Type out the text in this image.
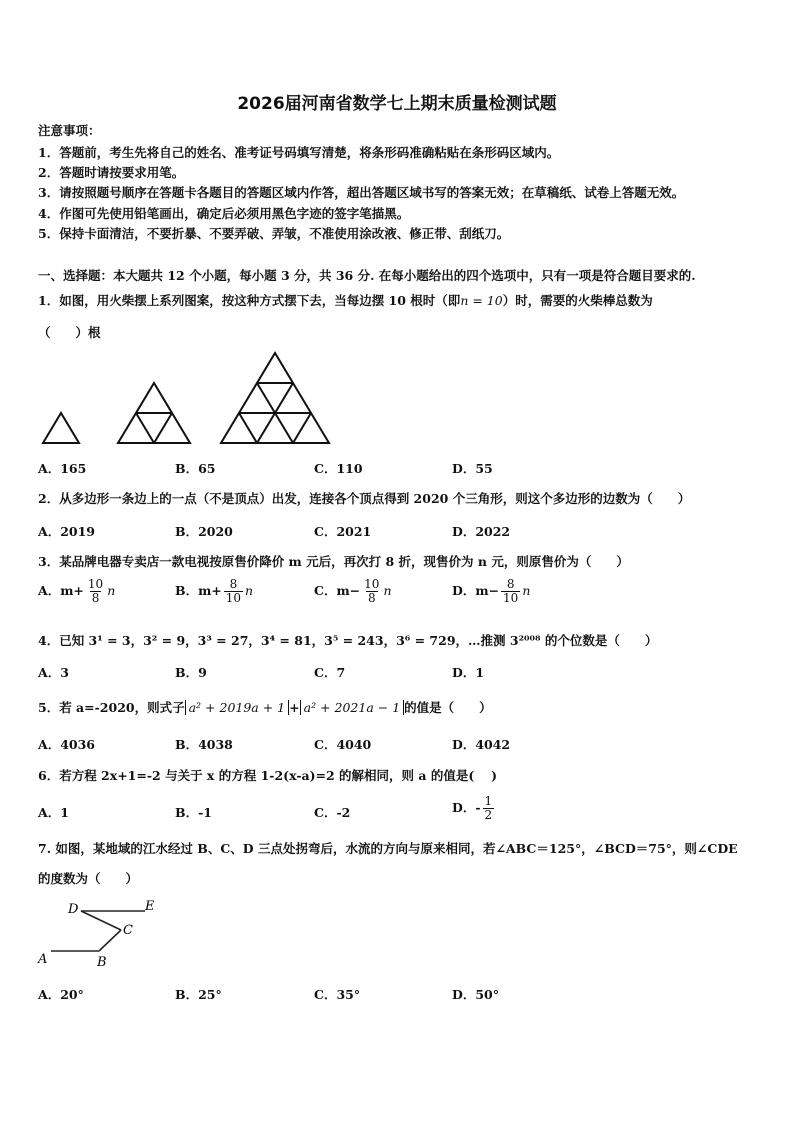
2026届河南省数学七上期末质量检测试题
注意事项：
1．答题前，考生先将自己的姓名、准考证号码填写清楚，将条形码准确粘贴在条形码区域内。
2．答题时请按要求用笔。
3．请按照题号顺序在答题卡各题目的答题区域内作答，超出答题区域书写的答案无效；在草稿纸、试卷上答题无效。
4．作图可先使用铅笔画出，确定后必须用黑色字迹的签字笔描黑。
5．保持卡面清洁，不要折暴、不要弄破、弄皱，不准使用涂改液、修正带、刮纸刀。
一、选择题：本大题共 12 个小题，每小题 3 分，共 36 分. 在每小题给出的四个选项中，只有一项是符合题目要求的.
1．如图，用火柴摆上系列图案，按这种方式摆下去，当每边摆 10 根时（即n = 10）时，需要的火柴棒总数为
（　　）根
A．165	B．65	C．110	D．55
2．从多边形一条边上的一点（不是顶点）出发，连接各个顶点得到 2020 个三角形，则这个多边形的边数为（　　）
A．2019	B．2020	C．2021	D．2022
3．某品牌电器专卖店一款电视按原售价降价 m 元后，再次打 8 折，现售价为 n 元，则原售价为（　　）
A．$m+ \frac{10}{8}$ n	B．$m+ \frac{8}{10}$ n	C．$m- \frac{10}{8}$ n	D．$m- \frac{8}{10}$ n
4．已知 3¹ = 3，3² = 9，3³ = 27，3⁴ = 81，3⁵ = 243，3⁶ = 729，…推测 3²⁰⁰⁸ 的个位数是（　　）
A．3	B．9	C．7	D．1
5．若 a=-2020，则式子 a² + 2019a + 1 + a² + 2021a − 1 的值是（　　）
A．4036	B．4038	C．4040	D．4042
6．若方程 2x+1=-2 与关于 x 的方程 1-2(x-a)=2 的解相同，则 a 的值是(　 )
A．1	B．-1	C．-2	D．- $\frac{1}{2}$
7. 如图，某地域的江水经过 B、C、D 三点处拐弯后，水流的方向与原来相同，若∠ABC＝125°，∠BCD＝75°，则∠CDE
的度数为（　　）
D	E
C
A	B
A．20°	B．25°	C．35°	D．50°
